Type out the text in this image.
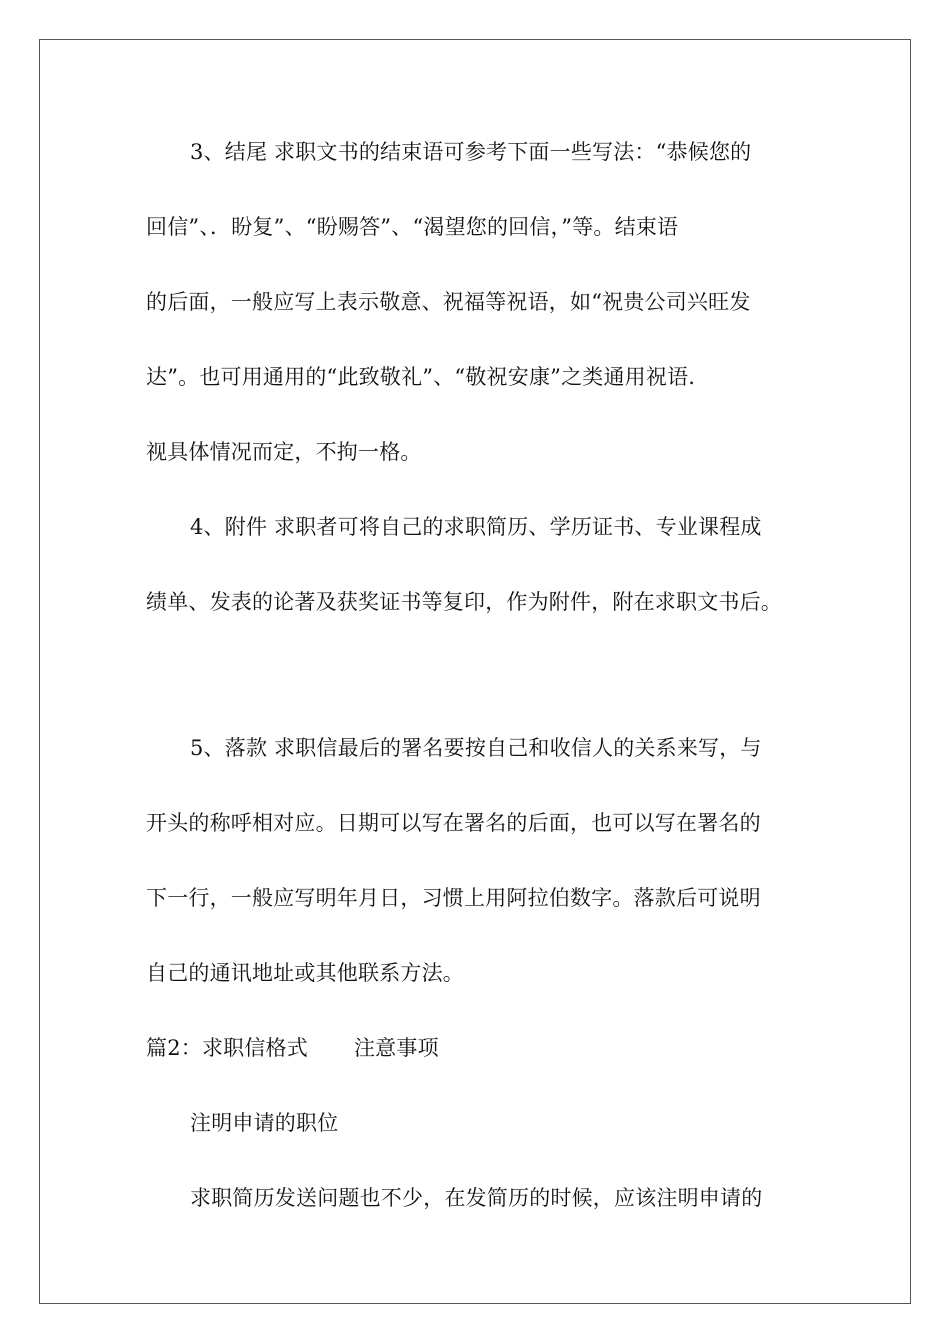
3、结尾 求职文书的结束语可参考下面一些写法：“恭候您的
回信”、．盼复”、“盼赐答”、“渴望您的回信，”等。结束语
的后面，一般应写上表示敬意、祝福等祝语，如“祝贵公司兴旺发
达”。也可用通用的“此致敬礼”、“敬祝安康”之类通用祝语.
视具体情况而定，不拘一格。
4、附件 求职者可将自己的求职简历、学历证书、专业课程成
绩单、发表的论著及获奖证书等复印，作为附件，附在求职文书后。
5、落款 求职信最后的署名要按自己和收信人的关系来写，与
开头的称呼相对应。日期可以写在署名的后面，也可以写在署名的
下一行，一般应写明年月日，习惯上用阿拉伯数字。落款后可说明
自己的通讯地址或其他联系方法。
篇2：求职信格式 注意事项
注明申请的职位
求职简历发送问题也不少，在发简历的时候，应该注明申请的
